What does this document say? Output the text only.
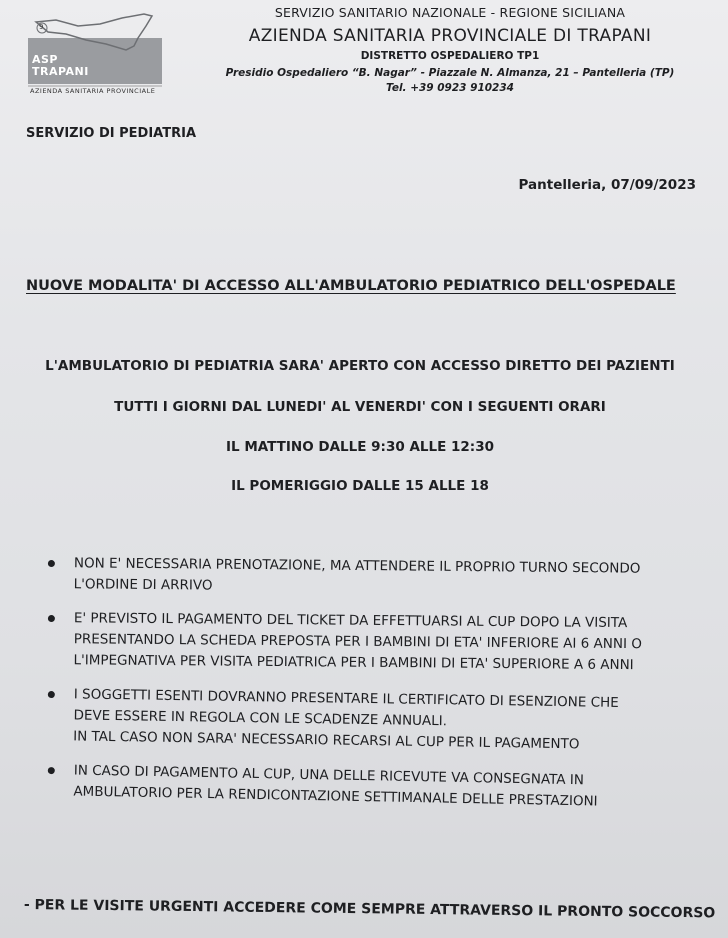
9
ASP
TRAPANI
AZIENDA SANITARIA PROVINCIALE
SERVIZIO SANITARIO NAZIONALE - REGIONE SICILIANA
AZIENDA SANITARIA PROVINCIALE DI TRAPANI
DISTRETTO OSPEDALIERO TP1
Presidio Ospedaliero “B. Nagar” - Piazzale N. Almanza, 21 – Pantelleria (TP)
Tel. +39 0923 910234
SERVIZIO DI PEDIATRIA
Pantelleria, 07/09/2023
NUOVE MODALITA' DI ACCESSO ALL'AMBULATORIO PEDIATRICO DELL'OSPEDALE
L'AMBULATORIO DI PEDIATRIA SARA' APERTO CON ACCESSO DIRETTO DEI PAZIENTI
TUTTI I GIORNI DAL LUNEDI' AL VENERDI' CON I SEGUENTI ORARI
IL MATTINO DALLE 9:30 ALLE 12:30
IL POMERIGGIO DALLE 15 ALLE 18
NON E' NECESSARIA PRENOTAZIONE, MA ATTENDERE IL PROPRIO TURNO SECONDO
L'ORDINE DI ARRIVO
E' PREVISTO IL PAGAMENTO DEL TICKET DA EFFETTUARSI AL CUP DOPO LA VISITA
PRESENTANDO LA SCHEDA PREPOSTA PER I BAMBINI DI ETA' INFERIORE AI 6 ANNI O
L'IMPEGNATIVA PER VISITA PEDIATRICA PER I BAMBINI DI ETA' SUPERIORE A 6 ANNI
I SOGGETTI ESENTI DOVRANNO PRESENTARE IL CERTIFICATO DI ESENZIONE CHE
DEVE ESSERE IN REGOLA CON LE SCADENZE ANNUALI.
IN TAL CASO NON SARA' NECESSARIO RECARSI AL CUP PER IL PAGAMENTO
IN CASO DI PAGAMENTO AL CUP, UNA DELLE RICEVUTE VA CONSEGNATA IN
AMBULATORIO PER LA RENDICONTAZIONE SETTIMANALE DELLE PRESTAZIONI
- PER LE VISITE URGENTI ACCEDERE COME SEMPRE ATTRAVERSO IL PRONTO SOCCORSO
